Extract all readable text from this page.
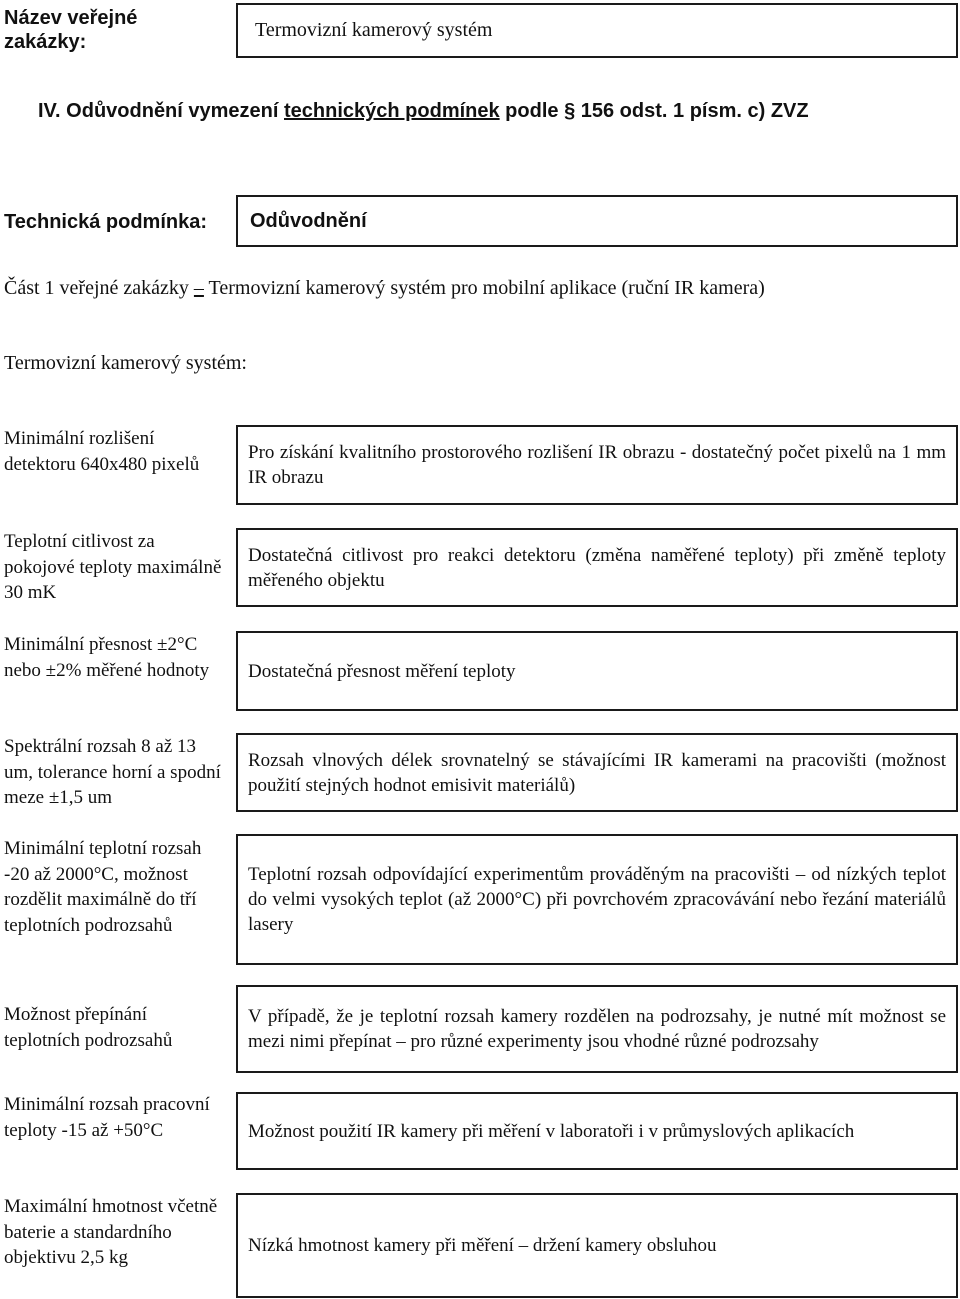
Název veřejné zakázky:
Termovizní kamerový systém
IV. Odůvodnění vymezení technických podmínek podle § 156 odst. 1 písm. c) ZVZ
Technická podmínka: Odůvodnění
Část 1 veřejné zakázky – Termovizní kamerový systém pro mobilní aplikace (ruční IR kamera)
Termovizní kamerový systém:
Minimální rozlišení detektoru 640x480 pixelů
Pro získání kvalitního prostorového rozlišení IR obrazu - dostatečný počet pixelů na 1 mm IR obrazu
Teplotní citlivost za pokojové teploty maximálně 30 mK
Dostatečná citlivost pro reakci detektoru (změna naměřené teploty) při změně teploty měřeného objektu
Minimální přesnost ±2°C nebo ±2% měřené hodnoty	Dostatečná přesnost měření teploty
Spektrální rozsah 8 až 13 um, tolerance horní a spodní meze ±1,5 um
Rozsah vlnových délek srovnatelný se stávajícími IR kamerami na pracovišti (možnost použití stejných hodnot emisivit materiálů)
Minimální teplotní rozsah -20 až 2000°C, možnost rozdělit maximálně do tří teplotních podrozsahů
Teplotní rozsah odpovídající experimentům prováděným na pracovišti – od nízkých teplot do velmi vysokých teplot (až 2000°C) při povrchovém zpracovávání nebo řezání materiálů lasery
Možnost přepínání teplotních podrozsahů
V případě, že je teplotní rozsah kamery rozdělen na podrozsahy, je nutné mít možnost se mezi nimi přepínat – pro různé experimenty jsou vhodné různé podrozsahy
Minimální rozsah pracovní teploty -15 až +50°C	Možnost použití IR kamery při měření v laboratoři i v průmyslových aplikacích
Maximální hmotnost včetně baterie a standardního objektivu 2,5 kg
Nízká hmotnost kamery při měření – držení kamery obsluhou
